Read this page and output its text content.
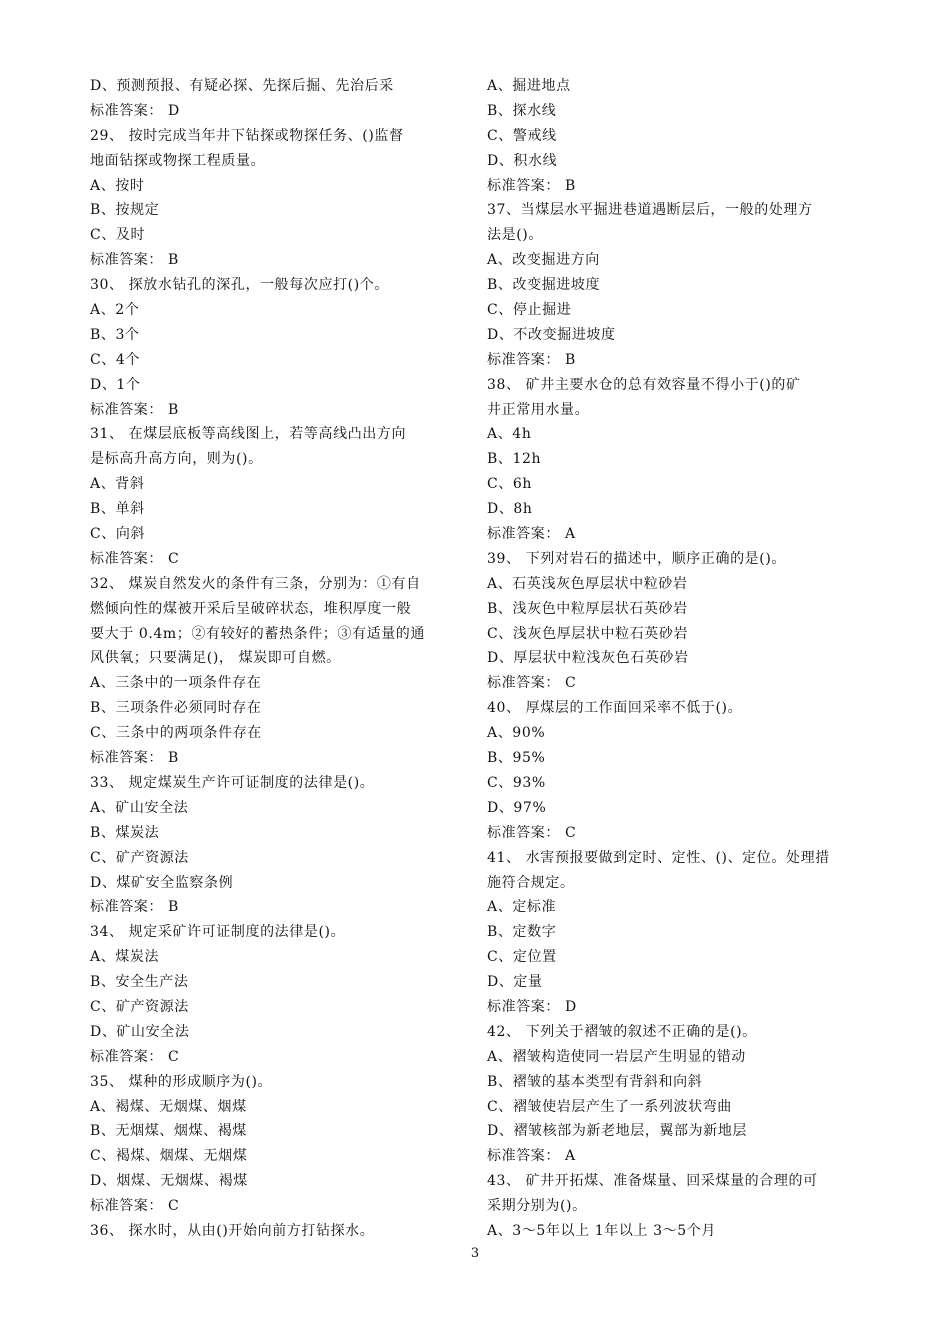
D、预测预报、有疑必探、先探后掘、先治后采
标准答案： D
29、 按时完成当年井下钻探或物探任务、()监督
地面钻探或物探工程质量。
A、按时
B、按规定
C、及时
标准答案： B
30、 探放水钻孔的深孔，一般每次应打()个。
A、2个
B、3个
C、4个
D、1个
标准答案： B
31、 在煤层底板等高线图上，若等高线凸出方向
是标高升高方向，则为()。
A、背斜
B、单斜
C、向斜
标准答案： C
32、 煤炭自然发火的条件有三条，分别为：①有自
燃倾向性的煤被开采后呈破碎状态，堆积厚度一般
要大于 0.4m；②有较好的蓄热条件；③有适量的通
风供氧；只要满足()， 煤炭即可自燃。
A、三条中的一项条件存在
B、三项条件必须同时存在
C、三条中的两项条件存在
标准答案： B
33、 规定煤炭生产许可证制度的法律是()。
A、矿山安全法
B、煤炭法
C、矿产资源法
D、煤矿安全监察条例
标准答案： B
34、 规定采矿许可证制度的法律是()。
A、煤炭法
B、安全生产法
C、矿产资源法
D、矿山安全法
标准答案： C
35、 煤种的形成顺序为()。
A、褐煤、无烟煤、烟煤
B、无烟煤、烟煤、褐煤
C、褐煤、烟煤、无烟煤
D、烟煤、无烟煤、褐煤
标准答案： C
36、 探水时，从由()开始向前方打钻探水。
A、掘进地点
B、探水线
C、警戒线
D、积水线
标准答案： B
37、当煤层水平掘进巷道遇断层后，一般的处理方
法是()。
A、改变掘进方向
B、改变掘进坡度
C、停止掘进
D、不改变掘进坡度
标准答案： B
38、 矿井主要水仓的总有效容量不得小于()的矿
井正常用水量。
A、4h
B、12h
C、6h
D、8h
标准答案： A
39、 下列对岩石的描述中，顺序正确的是()。
A、石英浅灰色厚层状中粒砂岩
B、浅灰色中粒厚层状石英砂岩
C、浅灰色厚层状中粒石英砂岩
D、厚层状中粒浅灰色石英砂岩
标准答案： C
40、 厚煤层的工作面回采率不低于()。
A、90%
B、95%
C、93%
D、97%
标准答案： C
41、 水害预报要做到定时、定性、()、定位。处理措
施符合规定。
A、定标准
B、定数字
C、定位置
D、定量
标准答案： D
42、 下列关于褶皱的叙述不正确的是()。
A、褶皱构造使同一岩层产生明显的错动
B、褶皱的基本类型有背斜和向斜
C、褶皱使岩层产生了一系列波状弯曲
D、褶皱核部为新老地层，翼部为新地层
标准答案： A
43、 矿井开拓煤、准备煤量、回采煤量的合理的可
采期分别为()。
A、3～5年以上 1年以上 3～5个月
3
